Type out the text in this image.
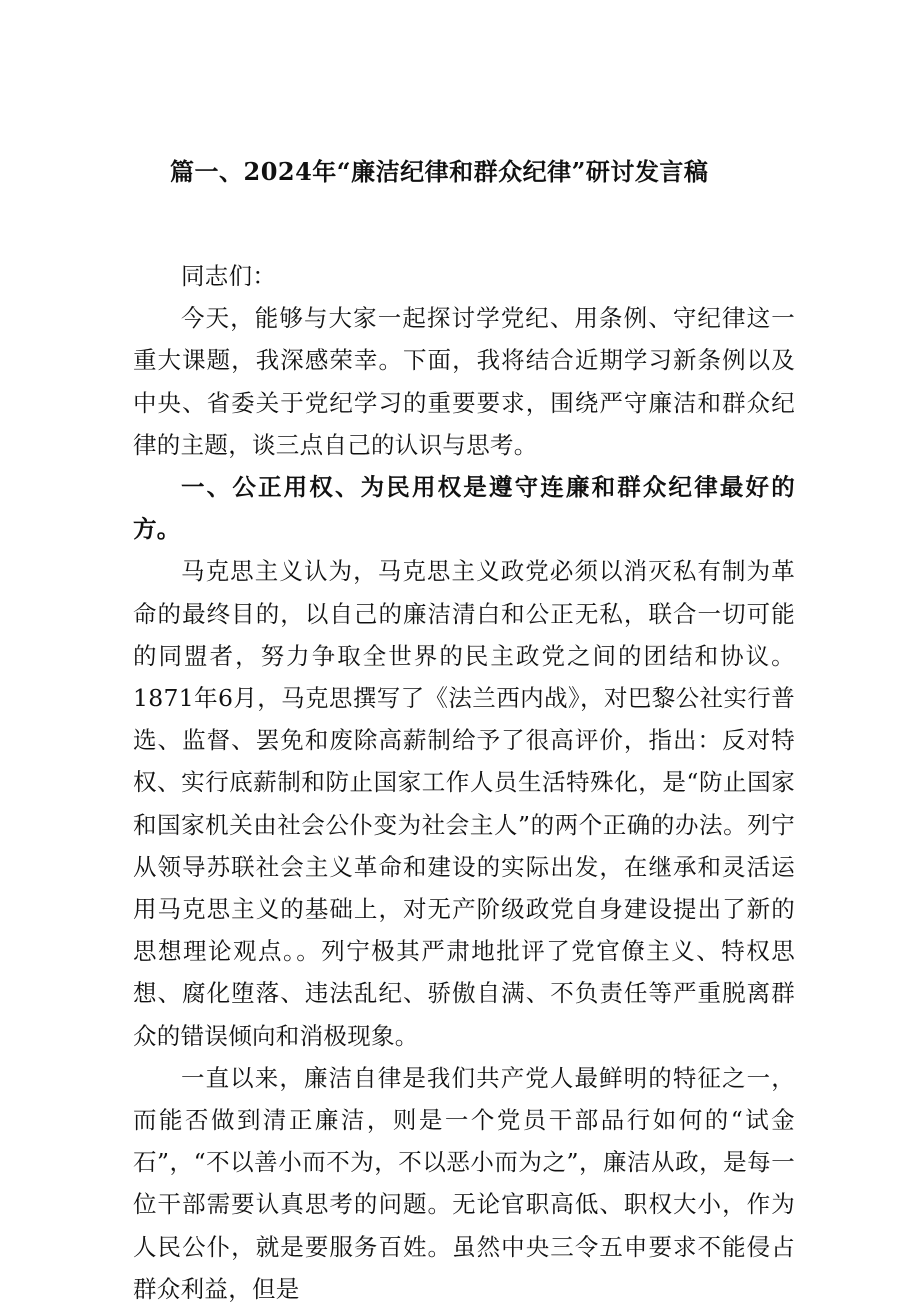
篇一、2024年“廉洁纪律和群众纪律”研讨发言稿

同志们：

今天，能够与大家一起探讨学党纪、用条例、守纪律这一重大课题，我深感荣幸。下面，我将结合近期学习新条例以及中央、省委关于党纪学习的重要要求，围绕严守廉洁和群众纪律的主题，谈三点自己的认识与思考。

一、公正用权、为民用权是遵守连廉和群众纪律最好的方。

马克思主义认为，马克思主义政党必须以消灭私有制为革命的最终目的，以自己的廉洁清白和公正无私，联合一切可能的同盟者，努力争取全世界的民主政党之间的团结和协议。1871年6月，马克思撰写了《法兰西内战》，对巴黎公社实行普选、监督、罢免和废除高薪制给予了很高评价，指出：反对特权、实行底薪制和防止国家工作人员生活特殊化，是“防止国家和国家机关由社会公仆变为社会主人”的两个正确的办法。列宁从领导苏联社会主义革命和建设的实际出发，在继承和灵活运用马克思主义的基础上，对无产阶级政党自身建设提出了新的思想理论观点。。列宁极其严肃地批评了党官僚主义、特权思想、腐化堕落、违法乱纪、骄傲自满、不负责任等严重脱离群众的错误倾向和消极现象。

一直以来，廉洁自律是我们共产党人最鲜明的特征之一，而能否做到清正廉洁，则是一个党员干部品行如何的“试金石”，“不以善小而不为，不以恶小而为之”，廉洁从政，是每一位干部需要认真思考的问题。无论官职高低、职权大小，作为人民公仆，就是要服务百姓。虽然中央三令五申要求不能侵占群众利益，但是
